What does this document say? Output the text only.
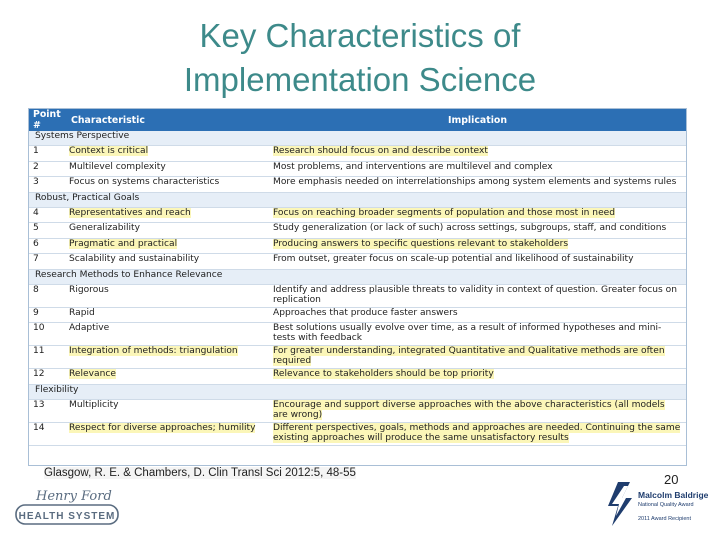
Key Characteristics of
Implementation Science
Point #	Characteristic	Implication
Systems Perspective		
1	Context is critical	Research should focus on and describe context
2	Multilevel complexity	Most problems, and interventions are multilevel and complex
3	Focus on systems characteristics	More emphasis needed on interrelationships among system elements and systems rules
Robust, Practical Goals		
4	Representatives and reach	Focus on reaching broader segments of population and those most in need
5	Generalizability	Study generalization (or lack of such) across settings, subgroups, staff, and conditions
6	Pragmatic and practical	Producing answers to specific questions relevant to stakeholders
7	Scalability and sustainability	From outset, greater focus on scale-up potential and likelihood of sustainability
Research Methods to Enhance Relevance		
8	Rigorous	Identify and address plausible threats to validity in context of question. Greater focus on replication
9	Rapid	Approaches that produce faster answers
10	Adaptive	Best solutions usually evolve over time, as a result of informed hypotheses and mini-tests with feedback
11	Integration of methods: triangulation	For greater understanding, integrated Quantitative and Qualitative methods are often required
12	Relevance	Relevance to stakeholders should be top priority
Flexibility		
13	Multiplicity	Encourage and support diverse approaches with the above characteristics (all models are wrong)
14	Respect for diverse approaches; humility	Different perspectives, goals, methods and approaches are needed. Continuing the same existing approaches will produce the same unsatisfactory results
Glasgow, R. E. & Chambers, D. Clin Transl Sci 2012:5, 48-55	20
Henry Ford
HEALTH SYSTEM
Malcolm Baldrige
National Quality Award
2011 Award Recipient
